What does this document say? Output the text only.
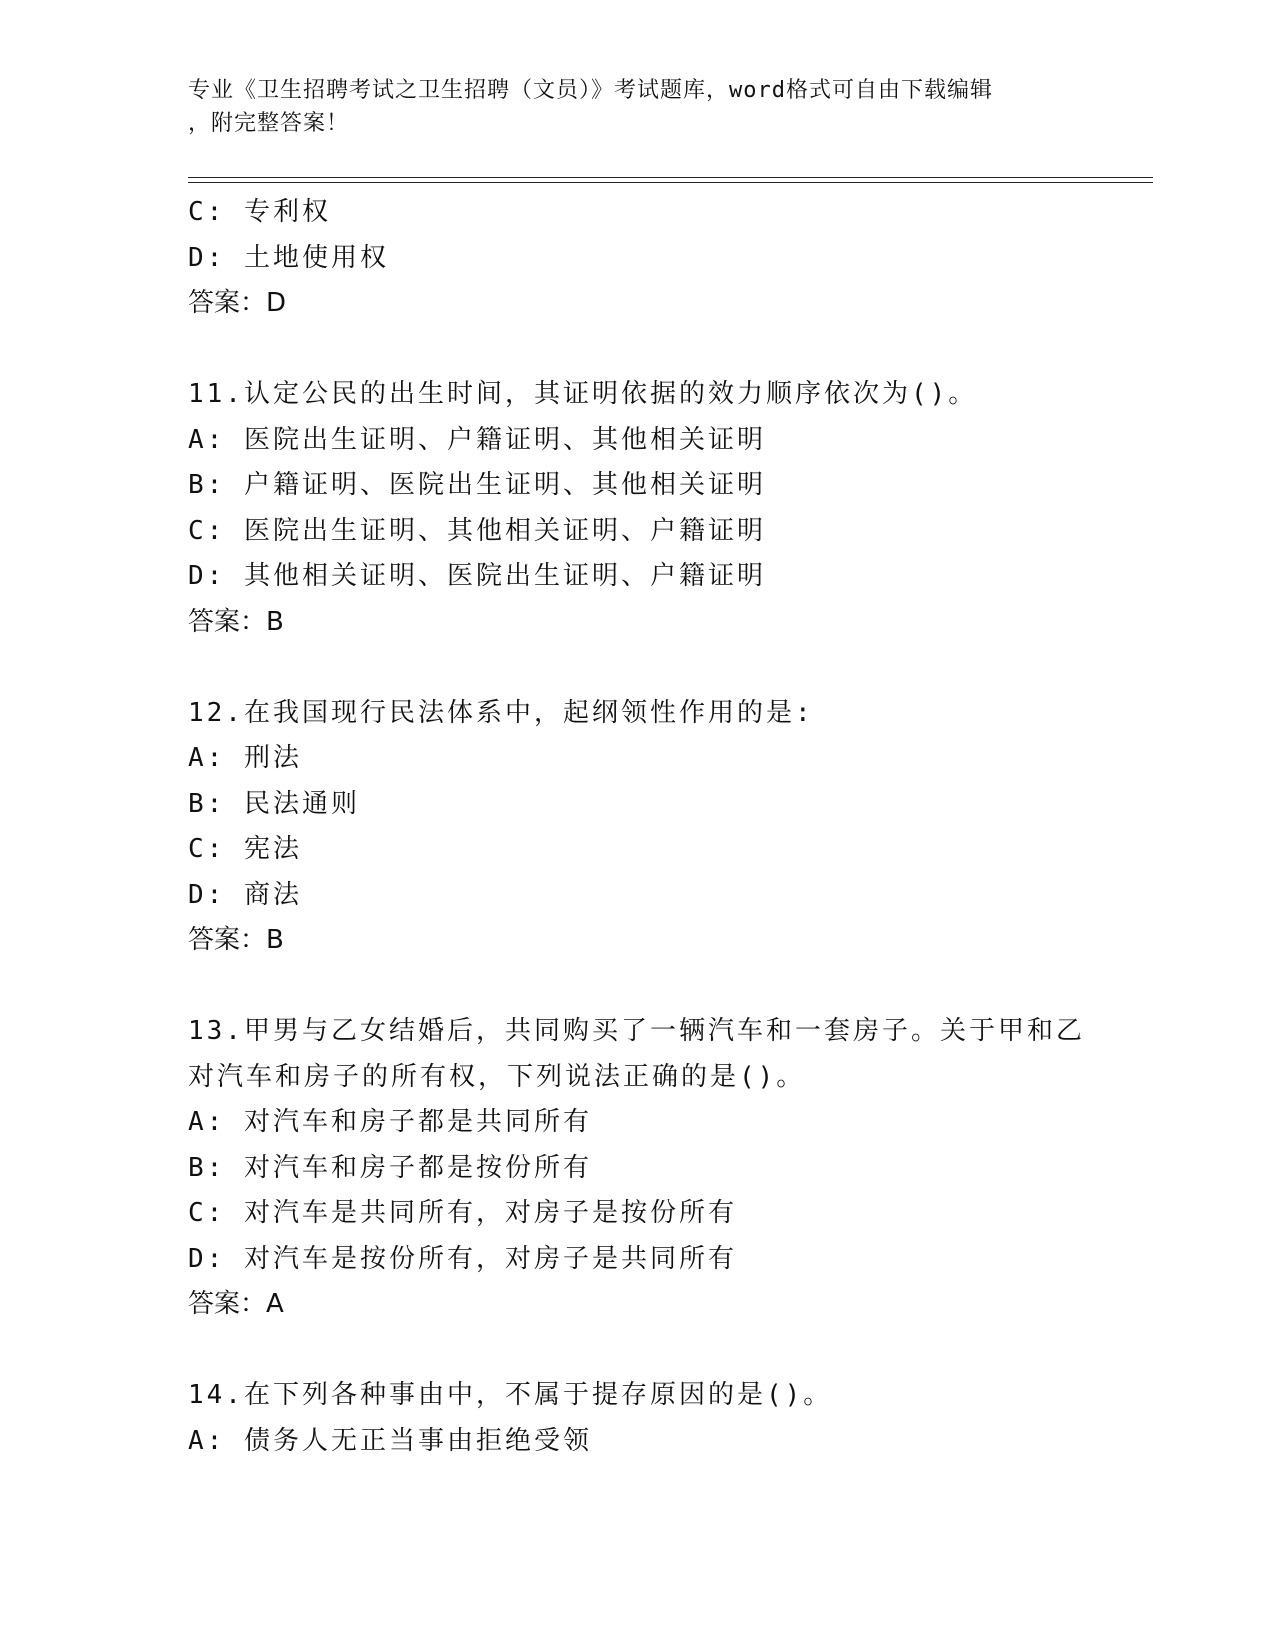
专业《卫生招聘考试之卫生招聘（文员）》考试题库，word格式可自由下载编辑
，附完整答案！
C: 专利权
D: 土地使用权
答案：D
11.认定公民的出生时间，其证明依据的效力顺序依次为()。
A: 医院出生证明、户籍证明、其他相关证明
B: 户籍证明、医院出生证明、其他相关证明
C: 医院出生证明、其他相关证明、户籍证明
D: 其他相关证明、医院出生证明、户籍证明
答案：B
12.在我国现行民法体系中，起纲领性作用的是:
A: 刑法
B: 民法通则
C: 宪法
D: 商法
答案：B
13.甲男与乙女结婚后，共同购买了一辆汽车和一套房子。关于甲和乙
对汽车和房子的所有权，下列说法正确的是()。
A: 对汽车和房子都是共同所有
B: 对汽车和房子都是按份所有
C: 对汽车是共同所有，对房子是按份所有
D: 对汽车是按份所有，对房子是共同所有
答案：A
14.在下列各种事由中，不属于提存原因的是()。
A: 债务人无正当事由拒绝受领
